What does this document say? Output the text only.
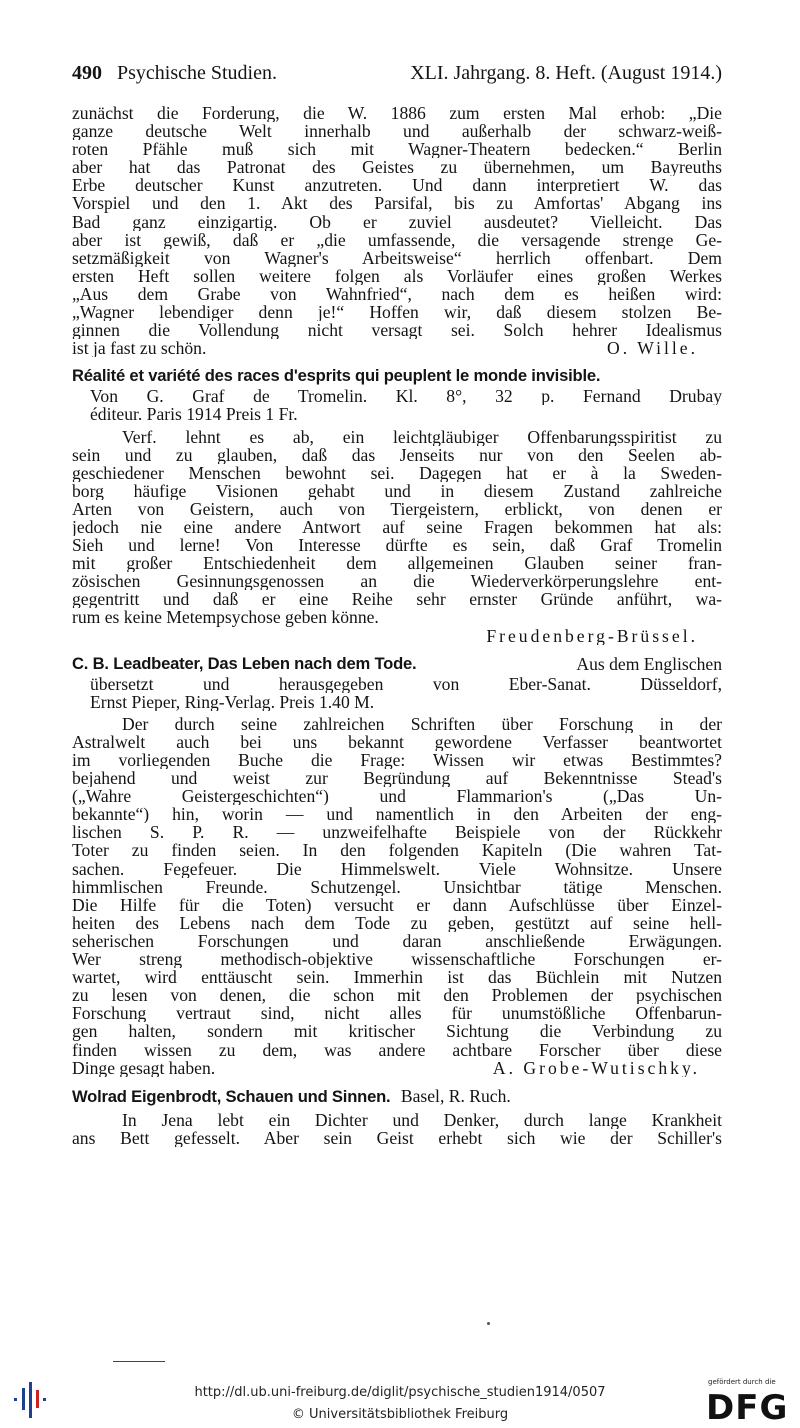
490 Psychische Studien.	XLI. Jahrgang. 8. Heft. (August 1914.)
zunächst die Forderung, die W. 1886 zum ersten Mal erhob: „Die
ganze deutsche Welt innerhalb und außerhalb der schwarz-weiß-
roten Pfähle muß sich mit Wagner-Theatern bedecken.“ Berlin
aber hat das Patronat des Geistes zu übernehmen, um Bayreuths
Erbe deutscher Kunst anzutreten. Und dann interpretiert W. das
Vorspiel und den 1. Akt des Parsifal, bis zu Amfortas' Abgang ins
Bad ganz einzigartig. Ob er zuviel ausdeutet? Vielleicht. Das
aber ist gewiß, daß er „die umfassende, die versagende strenge Ge-
setzmäßigkeit von Wagner's Arbeitsweise“ herrlich offenbart. Dem
ersten Heft sollen weitere folgen als Vorläufer eines großen Werkes
„Aus dem Grabe von Wahnfried“, nach dem es heißen wird:
„Wagner lebendiger denn je!“ Hoffen wir, daß diesem stolzen Be-
ginnen die Vollendung nicht versagt sei. Solch hehrer Idealismus
ist ja fast zu schön.	O. Wille.
Réalité et variété des races d'esprits qui peuplent le monde invisible.
Von G. Graf de Tromelin. Kl. 8°, 32 p. Fernand Drubay
éditeur. Paris 1914 Preis 1 Fr.
Verf. lehnt es ab, ein leichtgläubiger Offenbarungsspiritist zu
sein und zu glauben, daß das Jenseits nur von den Seelen ab-
geschiedener Menschen bewohnt sei. Dagegen hat er à la Sweden-
borg häufige Visionen gehabt und in diesem Zustand zahlreiche
Arten von Geistern, auch von Tiergeistern, erblickt, von denen er
jedoch nie eine andere Antwort auf seine Fragen bekommen hat als:
Sieh und lerne! Von Interesse dürfte es sein, daß Graf Tromelin
mit großer Entschiedenheit dem allgemeinen Glauben seiner fran-
zösischen Gesinnungsgenossen an die Wiederverkörperungslehre ent-
gegentritt und daß er eine Reihe sehr ernster Gründe anführt, wa-
rum es keine Metempsychose geben könne.
Freudenberg-Brüssel.
C. B. Leadbeater, Das Leben nach dem Tode.	Aus dem Englischen
übersetzt und herausgegeben von Eber-Sanat. Düsseldorf,
Ernst Pieper, Ring-Verlag. Preis 1.40 M.
Der durch seine zahlreichen Schriften über Forschung in der
Astralwelt auch bei uns bekannt gewordene Verfasser beantwortet
im vorliegenden Buche die Frage: Wissen wir etwas Bestimmtes?
bejahend und weist zur Begründung auf Bekenntnisse Stead's
(„Wahre Geistergeschichten“) und Flammarion's („Das Un-
bekannte“) hin, worin — und namentlich in den Arbeiten der eng-
lischen S. P. R. — unzweifelhafte Beispiele von der Rückkehr
Toter zu finden seien. In den folgenden Kapiteln (Die wahren Tat-
sachen. Fegefeuer. Die Himmelswelt. Viele Wohnsitze. Unsere
himmlischen Freunde. Schutzengel. Unsichtbar tätige Menschen.
Die Hilfe für die Toten) versucht er dann Aufschlüsse über Einzel-
heiten des Lebens nach dem Tode zu geben, gestützt auf seine hell-
seherischen Forschungen und daran anschließende Erwägungen.
Wer streng methodisch-objektive wissenschaftliche Forschungen er-
wartet, wird enttäuscht sein. Immerhin ist das Büchlein mit Nutzen
zu lesen von denen, die schon mit den Problemen der psychischen
Forschung vertraut sind, nicht alles für unumstößliche Offenbarun-
gen halten, sondern mit kritischer Sichtung die Verbindung zu
finden wissen zu dem, was andere achtbare Forscher über diese
Dinge gesagt haben.	A. Grobe-Wutischky.
Wolrad Eigenbrodt, Schauen und Sinnen. Basel, R. Ruch.
In Jena lebt ein Dichter und Denker, durch lange Krankheit
ans Bett gefesselt. Aber sein Geist erhebt sich wie der Schiller's
http://dl.ub.uni-freiburg.de/diglit/psychische_studien1914/0507
© Universitätsbibliothek Freiburg
gefördert durch die
DFG
